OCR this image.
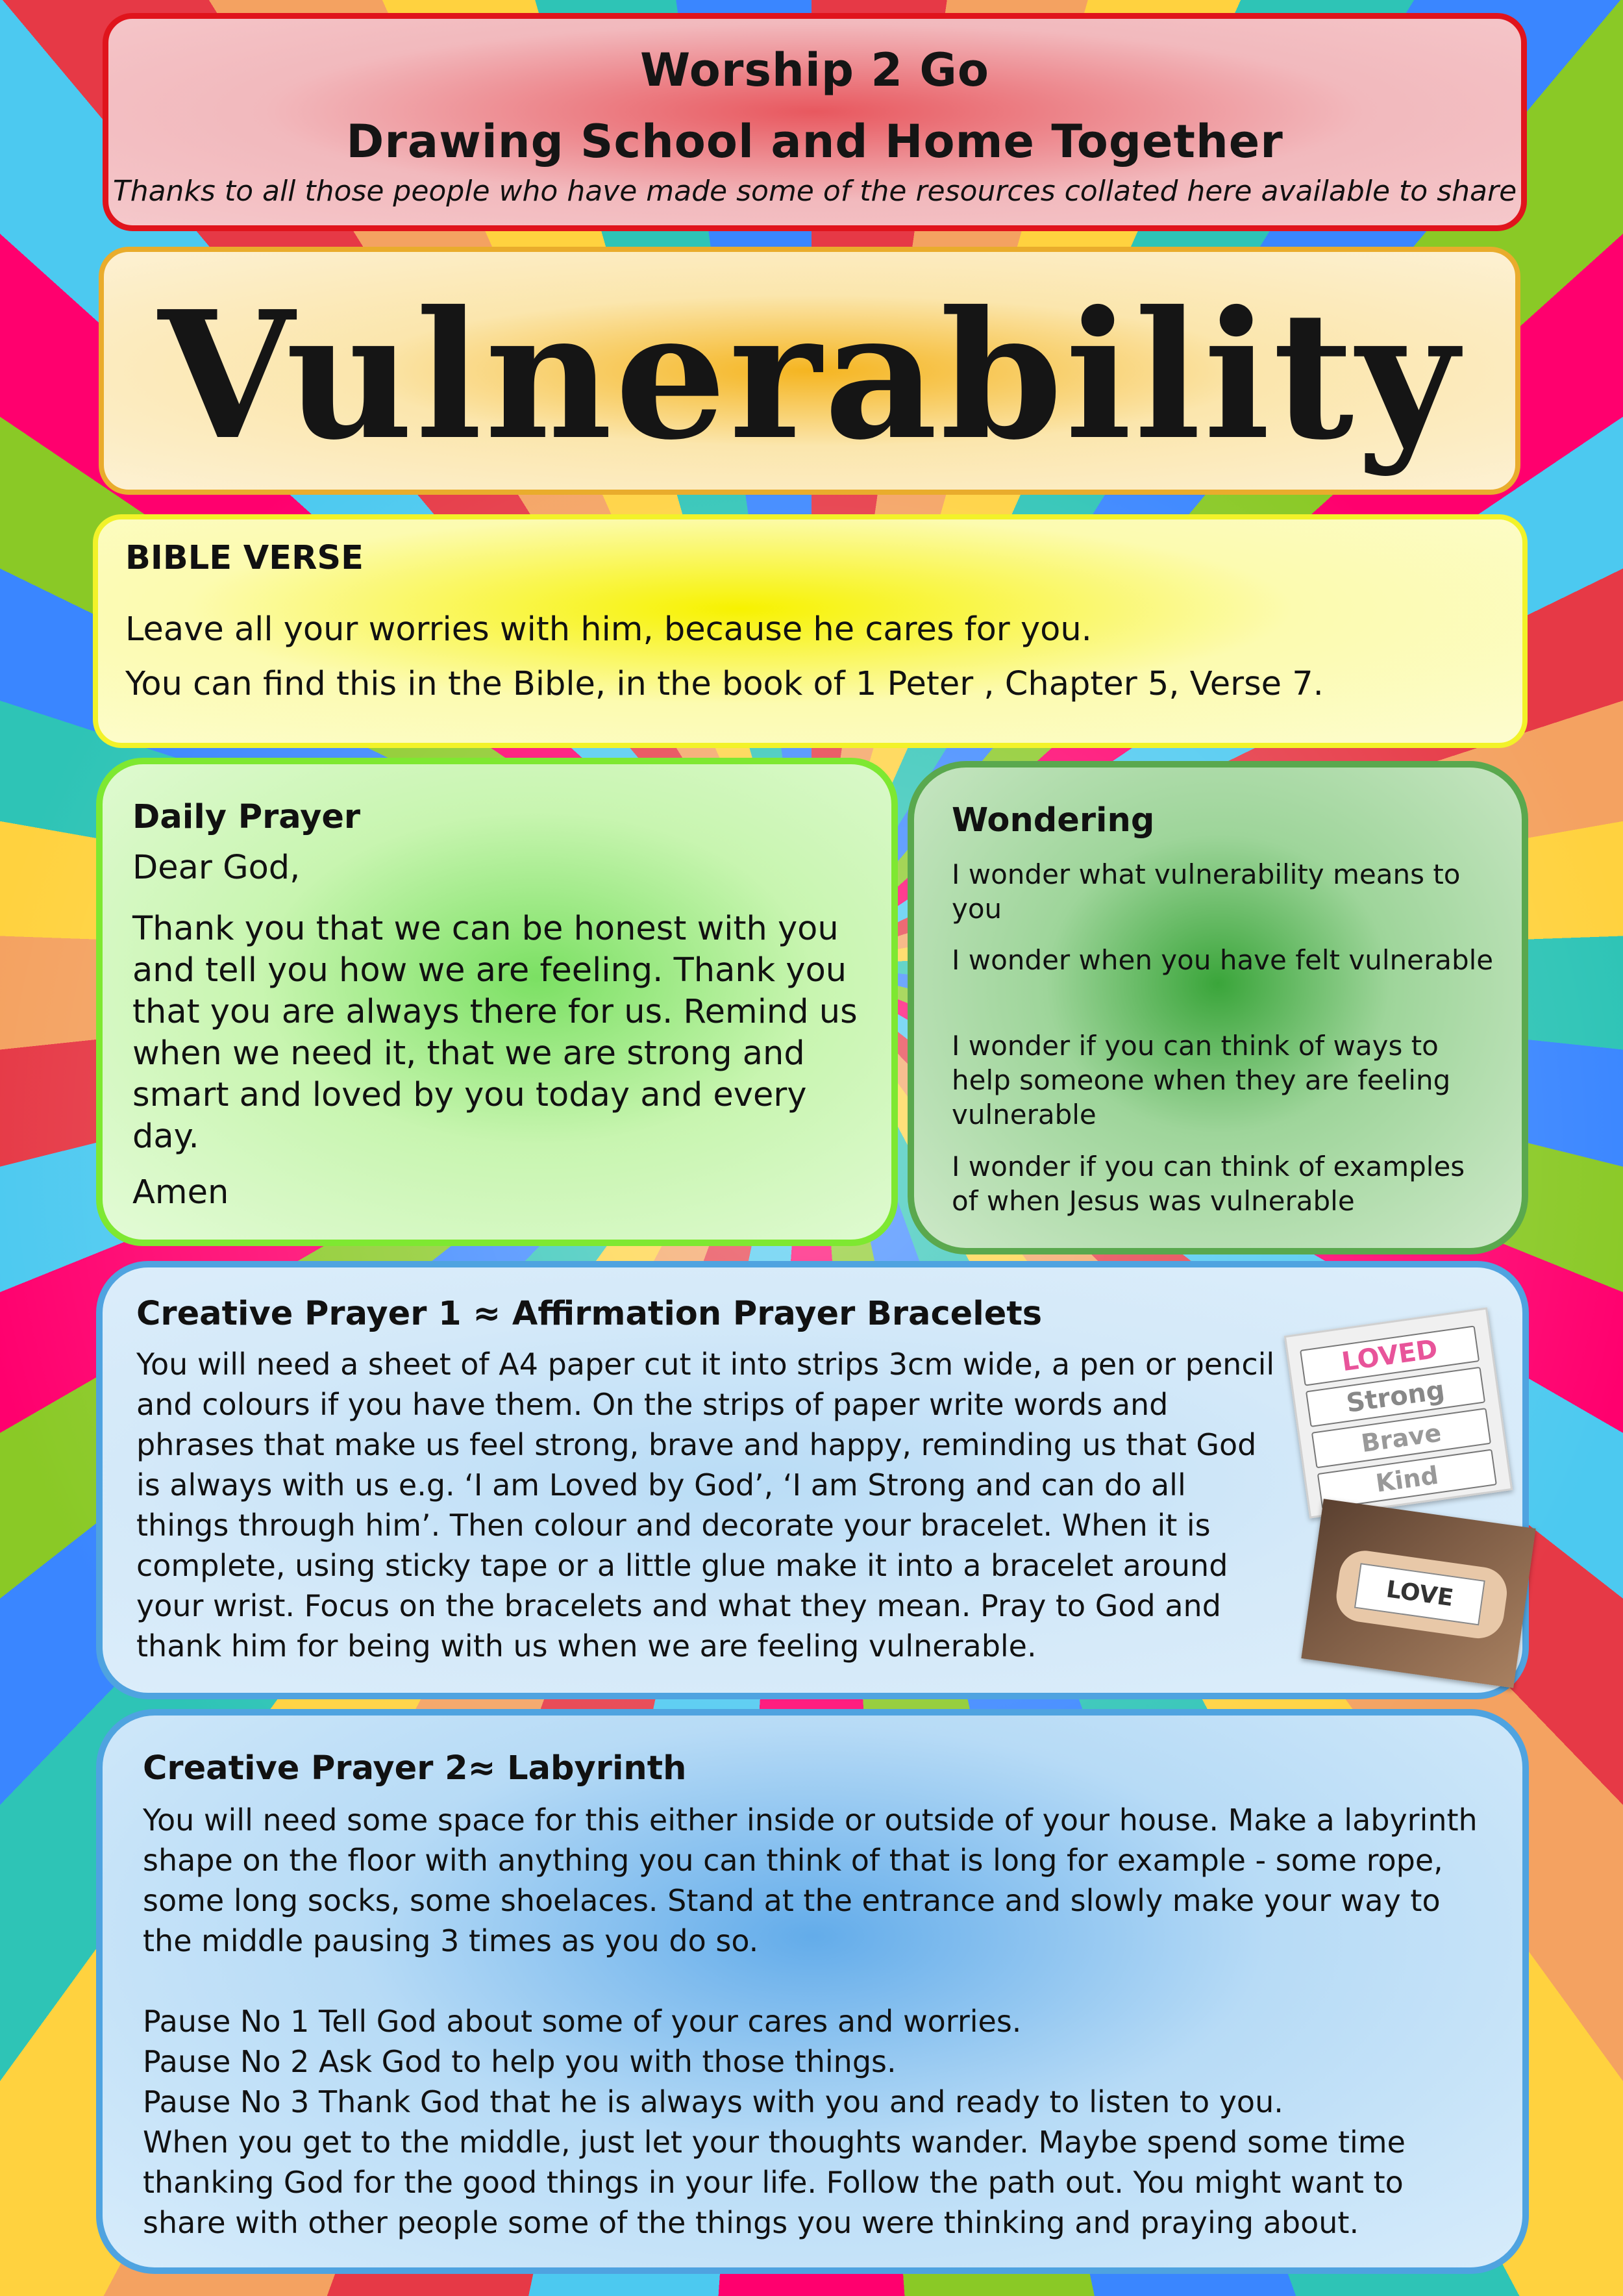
Worship 2 Go
Drawing School and Home Together
Thanks to all those people who have made some of the resources collated here available to share
Vulnerability
BIBLE VERSE
Leave all your worries with him, because he cares for you.
You can find this in the Bible, in the book of 1 Peter , Chapter 5, Verse 7.
Daily Prayer
Dear God,
Thank you that we can be honest with you and tell you how we are feeling. Thank you that you are always there for us. Remind us when we need it, that we are strong and smart and loved by you today and every day.
Amen
Wondering
I wonder what vulnerability means to you
I wonder when you have felt vulnerable
I wonder if you can think of ways to help someone when they are feeling vulnerable
I wonder if you can think of examples of when Jesus was vulnerable
Creative Prayer 1 ≈ Affirmation Prayer Bracelets
You will need a sheet of A4 paper cut it into strips 3cm wide, a pen or pencil and colours if you have them. On the strips of paper write words and phrases that make us feel strong, brave and happy, reminding us that God is always with us e.g. ‘I am Loved by God’, ‘I am Strong and can do all things through him’. Then colour and decorate your bracelet. When it is complete, using sticky tape or a little glue make it into a bracelet around your wrist. Focus on the bracelets and what they mean. Pray to God and thank him for being with us when we are feeling vulnerable.
LOVED
Strong
Brave
Kind
LOVE
Creative Prayer 2≈ Labyrinth
You will need some space for this either inside or outside of your house. Make a labyrinth shape on the floor with anything you can think of that is long for example - some rope, some long socks, some shoelaces. Stand at the entrance and slowly make your way to the middle pausing 3 times as you do so.
Pause No 1 Tell God about some of your cares and worries.
Pause No 2 Ask God to help you with those things.
Pause No 3 Thank God that he is always with you and ready to listen to you.
When you get to the middle, just let your thoughts wander. Maybe spend some time thanking God for the good things in your life. Follow the path out. You might want to share with other people some of the things you were thinking and praying about.
